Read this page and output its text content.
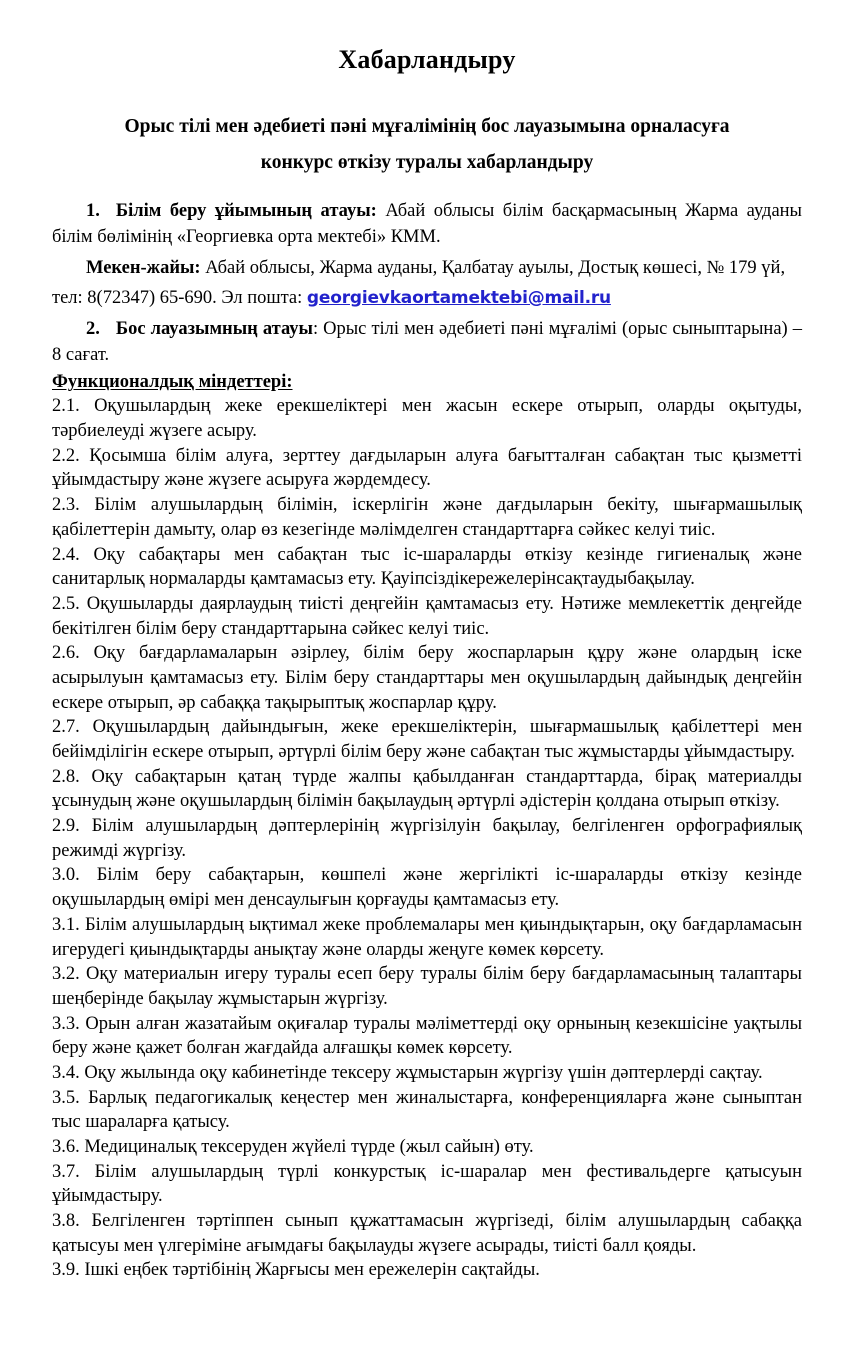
Хабарландыру
Орыс тілі мен әдебиеті пәні мұғалімінің бос лауазымына орналасуға
конкурс өткізу туралы хабарландыру

1. Білім беру ұйымының атауы: Абай облысы білім басқармасының Жарма ауданы білім бөлімінің «Георгиевка орта мектебі» КММ.

Мекен-жайы: Абай облысы, Жарма ауданы, Қалбатау ауылы, Достық көшесі, № 179 үй,

тел: 8(72347) 65-690. Эл пошта: georgievkaortamektebi@mail.ru

2. Бос лауазымның атауы: Орыс тілі мен әдебиеті пәні мұғалімі (орыс сыныптарына) – 8 сағат.

Функционалдық міндеттері:

2.1. Оқушылардың жеке ерекшеліктері мен жасын ескере отырып, оларды оқытуды, тәрбиелеуді жүзеге асыру.

2.2. Қосымша білім алуға, зерттеу дағдыларын алуға бағытталған сабақтан тыс қызметті ұйымдастыру және жүзеге асыруға жәрдемдесу.

2.3. Білім алушылардың білімін, іскерлігін және дағдыларын бекіту, шығармашылық қабілеттерін дамыту, олар өз кезегінде мәлімделген стандарттарға сәйкес келуі тиіс.

2.4. Оқу сабақтары мен сабақтан тыс іс-шараларды өткізу кезінде гигиеналық және санитарлық нормаларды қамтамасыз ету. Қауіпсіздікережелерінсақтаудыбақылау.

2.5. Оқушыларды даярлаудың тиісті деңгейін қамтамасыз ету. Нәтиже мемлекеттік деңгейде бекітілген білім беру стандарттарына сәйкес келуі тиіс.

2.6. Оқу бағдарламаларын әзірлеу, білім беру жоспарларын құру және олардың іске асырылуын қамтамасыз ету. Білім беру стандарттары мен оқушылардың дайындық деңгейін ескере отырып, әр сабаққа тақырыптық жоспарлар құру.

2.7. Оқушылардың дайындығын, жеке ерекшеліктерін, шығармашылық қабілеттері мен бейімділігін ескере отырып, әртүрлі білім беру және сабақтан тыс жұмыстарды ұйымдастыру.

2.8. Оқу сабақтарын қатаң түрде жалпы қабылданған стандарттарда, бірақ материалды ұсынудың және оқушылардың білімін бақылаудың әртүрлі әдістерін қолдана отырып өткізу.

2.9. Білім алушылардың дәптерлерінің жүргізілуін бақылау, белгіленген орфографиялық режимді жүргізу.

3.0. Білім беру сабақтарын, көшпелі және жергілікті іс-шараларды өткізу кезінде оқушылардың өмірі мен денсаулығын қорғауды қамтамасыз ету.

3.1. Білім алушылардың ықтимал жеке проблемалары мен қиындықтарын, оқу бағдарламасын игерудегі қиындықтарды анықтау және оларды жеңуге көмек көрсету.

3.2. Оқу материалын игеру туралы есеп беру туралы білім беру бағдарламасының талаптары шеңберінде бақылау жұмыстарын жүргізу.

3.3. Орын алған жазатайым оқиғалар туралы мәліметтерді оқу орнының кезекшісіне уақтылы беру және қажет болған жағдайда алғашқы көмек көрсету.

3.4. Оқу жылында оқу кабинетінде тексеру жұмыстарын жүргізу үшін дәптерлерді сақтау.

3.5. Барлық педагогикалық кеңестер мен жиналыстарға, конференцияларға және сыныптан тыс шараларға қатысу.

3.6. Медициналық тексеруден жүйелі түрде (жыл сайын) өту.

3.7. Білім алушылардың түрлі конкурстық іс-шаралар мен фестивальдерге қатысуын ұйымдастыру.

3.8. Белгіленген тәртіппен сынып құжаттамасын жүргізеді, білім алушылардың сабаққа қатысуы мен үлгеріміне ағымдағы бақылауды жүзеге асырады, тиісті балл қояды.

3.9. Ішкі еңбек тәртібінің Жарғысы мен ережелерін сақтайды.
